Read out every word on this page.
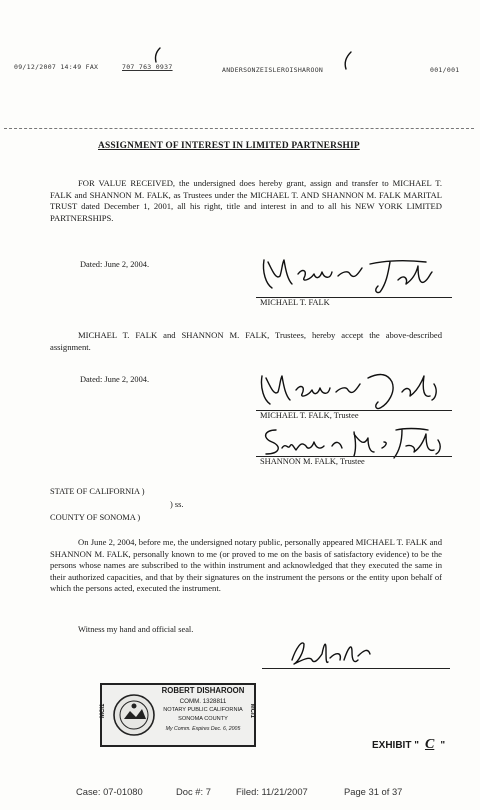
09/12/2007 14:49 FAX	707 763 0937	ANDERSONZEISLEROISHAROON	001/001
ASSIGNMENT OF INTEREST IN LIMITED PARTNERSHIP
FOR VALUE RECEIVED, the undersigned does hereby grant, assign and transfer to MICHAEL T. FALK and SHANNON M. FALK, as Trustees under the MICHAEL T. AND SHANNON M. FALK MARITAL TRUST dated December 1, 2001, all his right, title and interest in and to all his NEW YORK LIMITED PARTNERSHIPS.
Dated: June 2, 2004.
MICHAEL T. FALK
MICHAEL T. FALK and SHANNON M. FALK, Trustees, hereby accept the above-described assignment.
Dated: June 2, 2004.
MICHAEL T. FALK, Trustee
SHANNON M. FALK, Trustee
STATE OF CALIFORNIA )
) ss.
COUNTY OF SONOMA )
On June 2, 2004, before me, the undersigned notary public, personally appeared MICHAEL T. FALK and SHANNON M. FALK, personally known to me (or proved to me on the basis of satisfactory evidence) to be the persons whose names are subscribed to the within instrument and acknowledged that they executed the same in their authorized capacities, and that by their signatures on the instrument the persons or the entity upon behalf of which the persons acted, executed the instrument.
Witness my hand and official seal.
ROBERT DISHAROON
COMM. 1328811
NOTARY PUBLIC CALIFORNIA
SONOMA COUNTY
My Comm. Expires Dec. 6, 2005
MCI1	MCI1
EXHIBIT " C "
Case: 07-01080	Doc #: 7	Filed: 11/21/2007	Page 31 of 37
